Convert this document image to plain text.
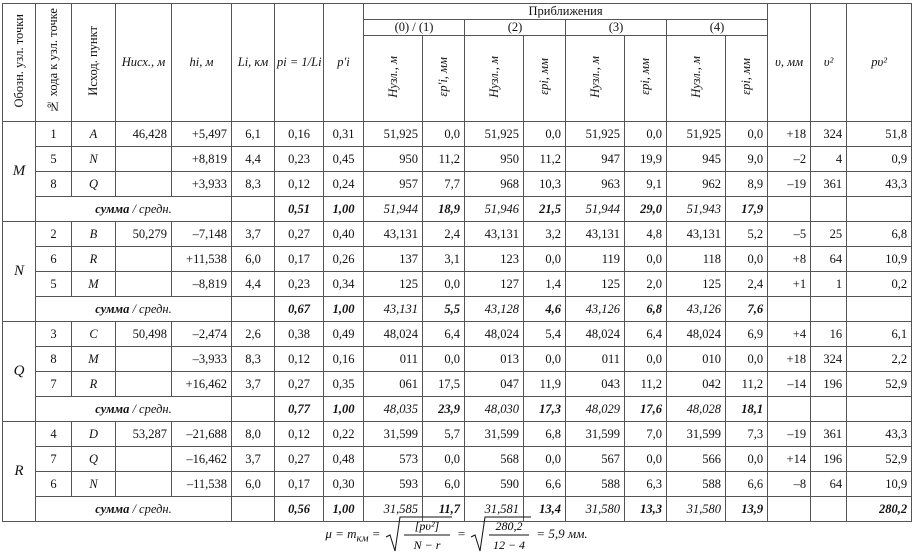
Обозн. узл. точки	№ хода к узл. точке	Исход. пункт	Hисх., м	hi, м	Li, км	pi = 1/Li	p′i	Приближения								υ, мм	υ²	pυ²
								(0) / (1)		(2)		(3)		(4)				
								Hузл., м	εp′i, мм	Hузл., м	εpi, мм	Hузл., м	εpi, мм	Hузл., м	εpi, мм			
M	1	A	46,428	+5,497	6,1	0,16	0,31	51,925	0,0	51,925	0,0	51,925	0,0	51,925	0,0	+18	324	51,8
	5	N		+8,819	4,4	0,23	0,45	950	11,2	950	11,2	947	19,9	945	9,0	–2	4	0,9
	8	Q		+3,933	8,3	0,12	0,24	957	7,7	968	10,3	963	9,1	962	8,9	–19	361	43,3
	сумма / средн.					0,51	1,00	51,944	18,9	51,946	21,5	51,944	29,0	51,943	17,9			
N	2	B	50,279	–7,148	3,7	0,27	0,40	43,131	2,4	43,131	3,2	43,131	4,8	43,131	5,2	–5	25	6,8
	6	R		+11,538	6,0	0,17	0,26	137	3,1	123	0,0	119	0,0	118	0,0	+8	64	10,9
	5	M		–8,819	4,4	0,23	0,34	125	0,0	127	1,4	125	2,0	125	2,4	+1	1	0,2
	сумма / средн.					0,67	1,00	43,131	5,5	43,128	4,6	43,126	6,8	43,126	7,6			
Q	3	C	50,498	–2,474	2,6	0,38	0,49	48,024	6,4	48,024	5,4	48,024	6,4	48,024	6,9	+4	16	6,1
	8	M		–3,933	8,3	0,12	0,16	011	0,0	013	0,0	011	0,0	010	0,0	+18	324	2,2
	7	R		+16,462	3,7	0,27	0,35	061	17,5	047	11,9	043	11,2	042	11,2	–14	196	52,9
	сумма / средн.					0,77	1,00	48,035	23,9	48,030	17,3	48,029	17,6	48,028	18,1			
R	4	D	53,287	–21,688	8,0	0,12	0,22	31,599	5,7	31,599	6,8	31,599	7,0	31,599	7,3	–19	361	43,3
	7	Q		–16,462	3,7	0,27	0,48	573	0,0	568	0,0	567	0,0	566	0,0	+14	196	52,9
	6	N		–11,538	6,0	0,17	0,30	593	6,0	590	6,6	588	6,3	588	6,6	–8	64	10,9
	сумма / средн.					0,56	1,00	31,585	11,7	31,581	13,4	31,580	13,3	31,580	13,9			280,2
$\mu = m_{км}$ =	[pυ²]
N − r
= 280,2
12 − 4
= 5,9 мм.
